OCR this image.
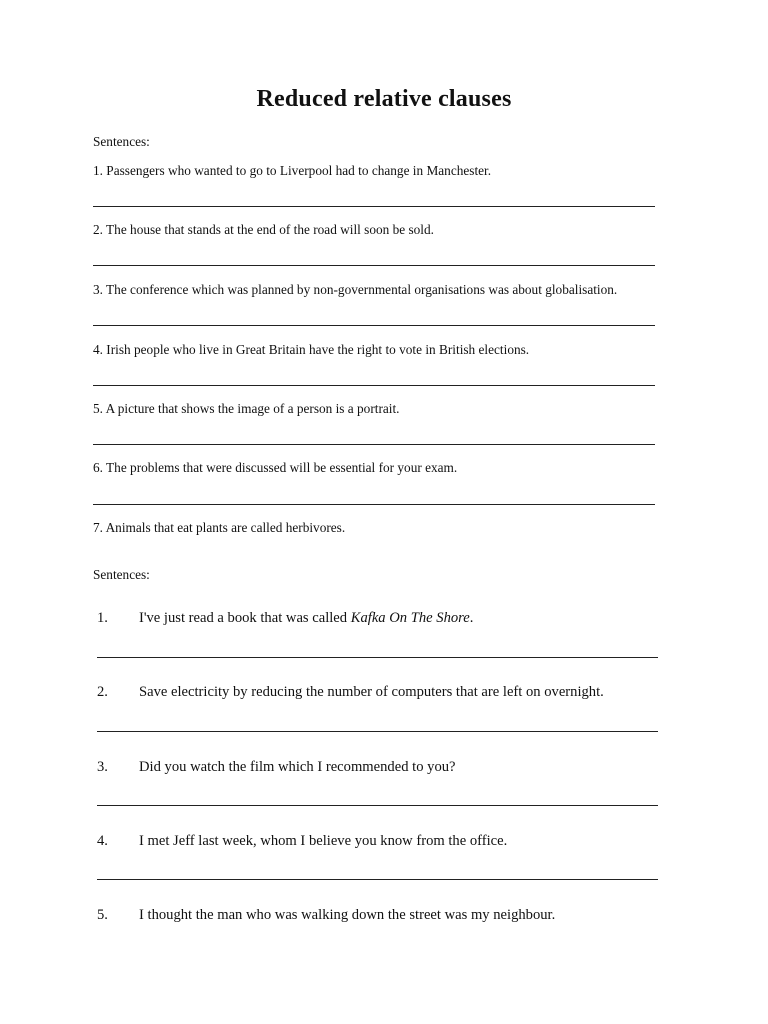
Reduced relative clauses
Sentences:
1. Passengers who wanted to go to Liverpool had to change in Manchester.
2. The house that stands at the end of the road will soon be sold.
3. The conference which was planned by non-governmental organisations was about globalisation.
4. Irish people who live in Great Britain have the right to vote in British elections.
5. A picture that shows the image of a person is a portrait.
6. The problems that were discussed will be essential for your exam.
7. Animals that eat plants are called herbivores.
Sentences:
1. I've just read a book that was called Kafka On The Shore.
2. Save electricity by reducing the number of computers that are left on overnight.
3. Did you watch the film which I recommended to you?
4. I met Jeff last week, whom I believe you know from the office.
5. I thought the man who was walking down the street was my neighbour.
